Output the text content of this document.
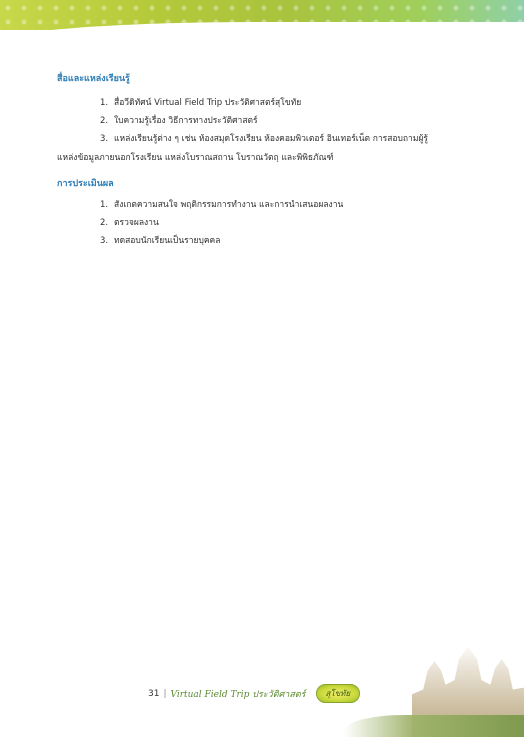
สื่อและแหล่งเรียนรู้
1. สื่อวีดิทัศน์ Virtual Field Trip ประวัติศาสตร์สุโขทัย
2. ใบความรู้เรื่อง วิธีการทางประวัติศาสตร์
3. แหล่งเรียนรู้ต่าง ๆ เช่น ห้องสมุดโรงเรียน ห้องคอมพิวเตอร์ อินเทอร์เน็ต การสอบถามผู้รู้
แหล่งข้อมูลภายนอกโรงเรียน แหล่งโบราณสถาน โบราณวัตถุ และพิพิธภัณฑ์
การประเมินผล
1. สังเกตความสนใจ พฤติกรรมการทำงาน และการนำเสนอผลงาน
2. ตรวจผลงาน
3. ทดสอบนักเรียนเป็นรายบุคคล
31 | Virtual Field Trip ประวัติศาสตร์	สุโขทัย
